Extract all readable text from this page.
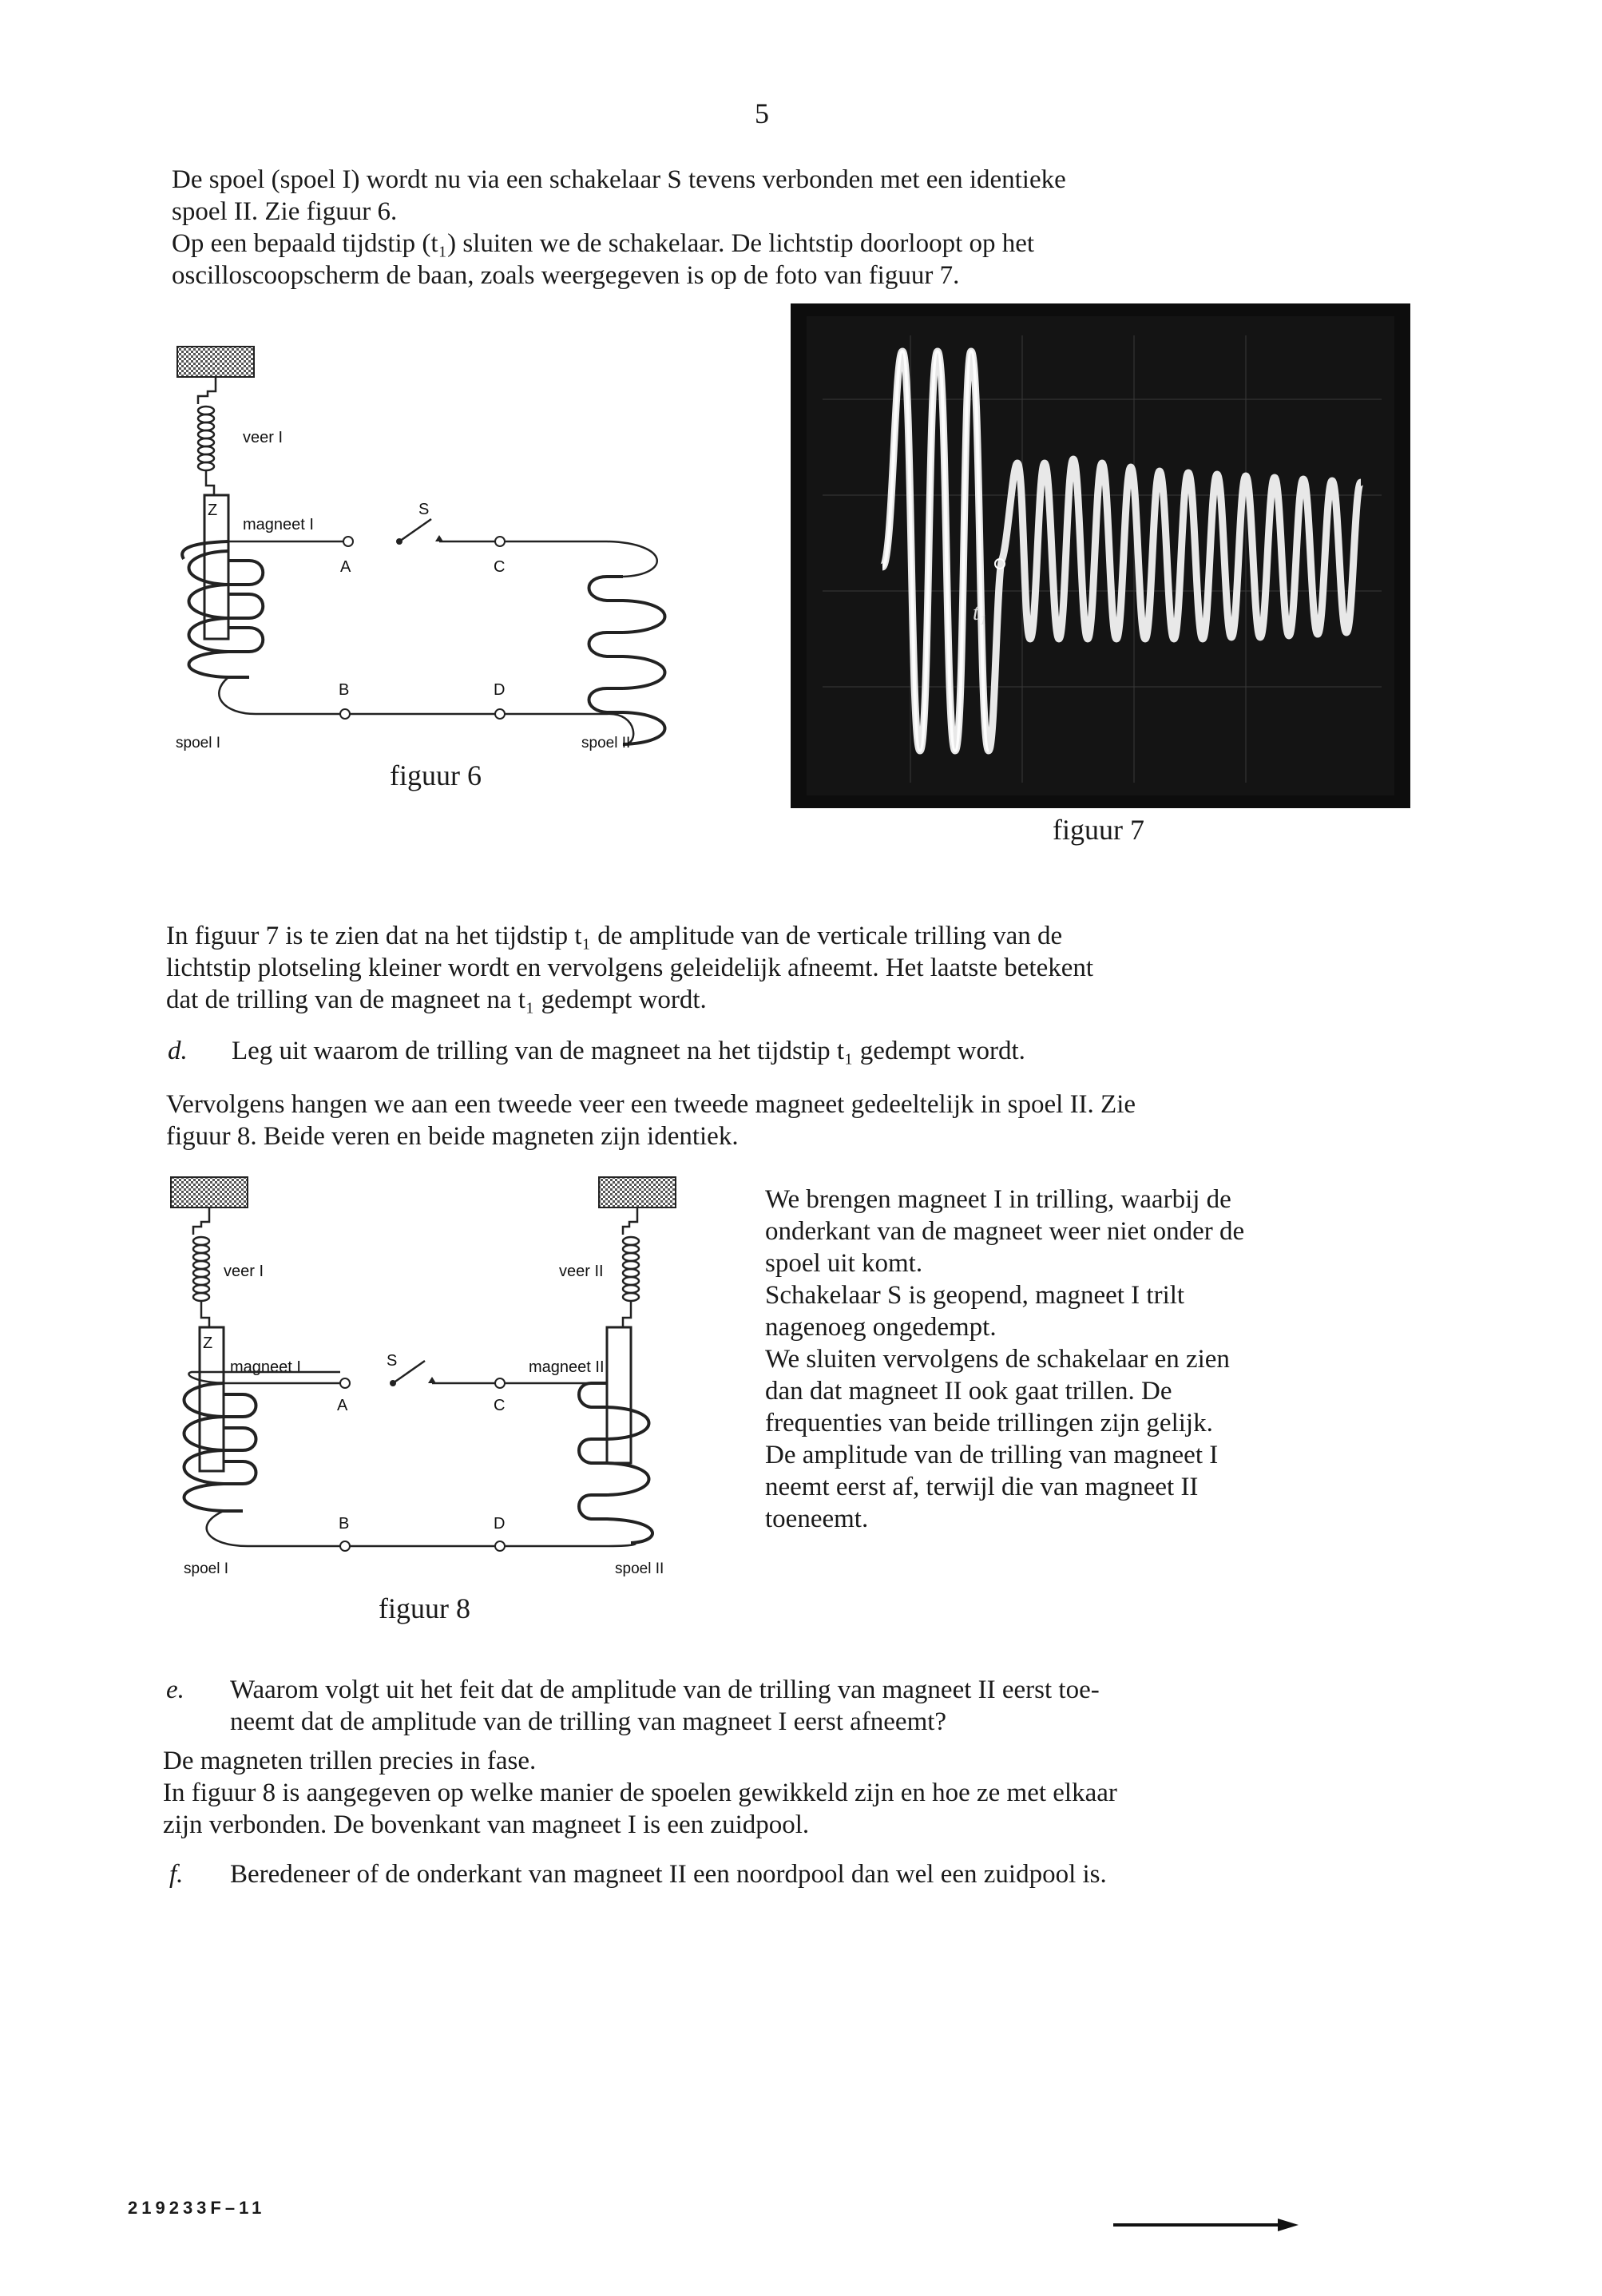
5
De spoel (spoel I) wordt nu via een schakelaar S tevens verbonden met een identieke
spoel II. Zie figuur 6.
Op een bepaald tijdstip (t₁) sluiten we de schakelaar. De lichtstip doorloopt op het
oscilloscoopscherm de baan, zoals weergegeven is op de foto van figuur 7.
veer I
Z
magneet I
A
S
C
B	D
spoel I	spoel II
figuur 6
t₁
figuur 7
In figuur 7 is te zien dat na het tijdstip t₁ de amplitude van de verticale trilling van de
lichtstip plotseling kleiner wordt en vervolgens geleidelijk afneemt. Het laatste betekent
dat de trilling van de magneet na t₁ gedempt wordt.
d. Leg uit waarom de trilling van de magneet na het tijdstip t₁ gedempt wordt.
Vervolgens hangen we aan een tweede veer een tweede magneet gedeeltelijk in spoel II. Zie
figuur 8. Beide veren en beide magneten zijn identiek.
veer I
Z
magneet I
A
S
C
veer II
magneet II
B	D
spoel I	spoel II
figuur 8
We brengen magneet I in trilling, waarbij de
onderkant van de magneet weer niet onder de
spoel uit komt.
Schakelaar S is geopend, magneet I trilt
nagenoeg ongedempt.
We sluiten vervolgens de schakelaar en zien
dan dat magneet II ook gaat trillen. De
frequenties van beide trillingen zijn gelijk.
De amplitude van de trilling van magneet I
neemt eerst af, terwijl die van magneet II
toeneemt.
e. Waarom volgt uit het feit dat de amplitude van de trilling van magneet II eerst toe-
neemt dat de amplitude van de trilling van magneet I eerst afneemt?
De magneten trillen precies in fase.
In figuur 8 is aangegeven op welke manier de spoelen gewikkeld zijn en hoe ze met elkaar
zijn verbonden. De bovenkant van magneet I is een zuidpool.
f. Beredeneer of de onderkant van magneet II een noordpool dan wel een zuidpool is.
219233F–11
